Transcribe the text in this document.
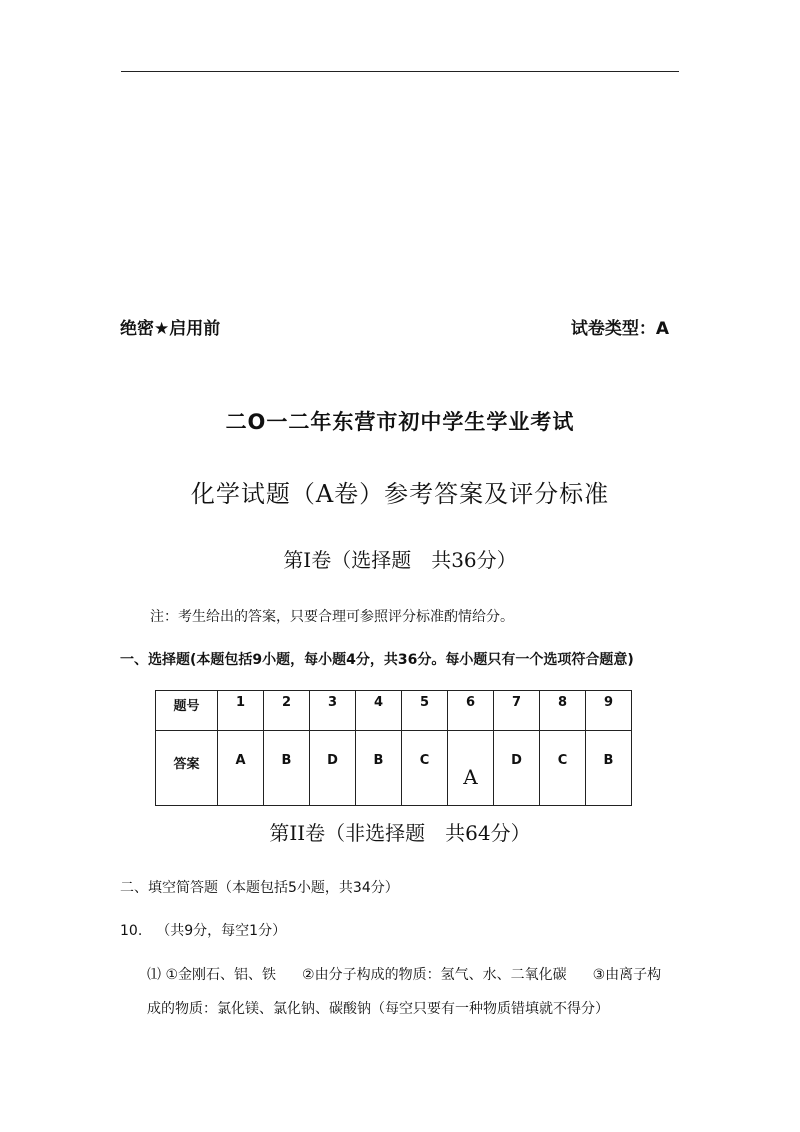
绝密★启用前	试卷类型：A
二O一二年东营市初中学生学业考试
化学试题（A卷）参考答案及评分标准
第I卷（选择题　共36分）
注：考生给出的答案，只要合理可参照评分标准酌情给分。
一、选择题(本题包括9小题，每小题4分，共36分。每小题只有一个选项符合题意)
题号	1	2	3	4	5	6	7	8	9
答案	A	B	D	B	C	A	D	C	B
第II卷（非选择题　共64分）
二、填空简答题（本题包括5小题，共34分）
10. （共9分，每空1分）
⑴ ①金刚石、铝、铁 ②由分子构成的物质：氢气、水、二氧化碳 ③由离子构
成的物质：氯化镁、氯化钠、碳酸钠（每空只要有一种物质错填就不得分）
